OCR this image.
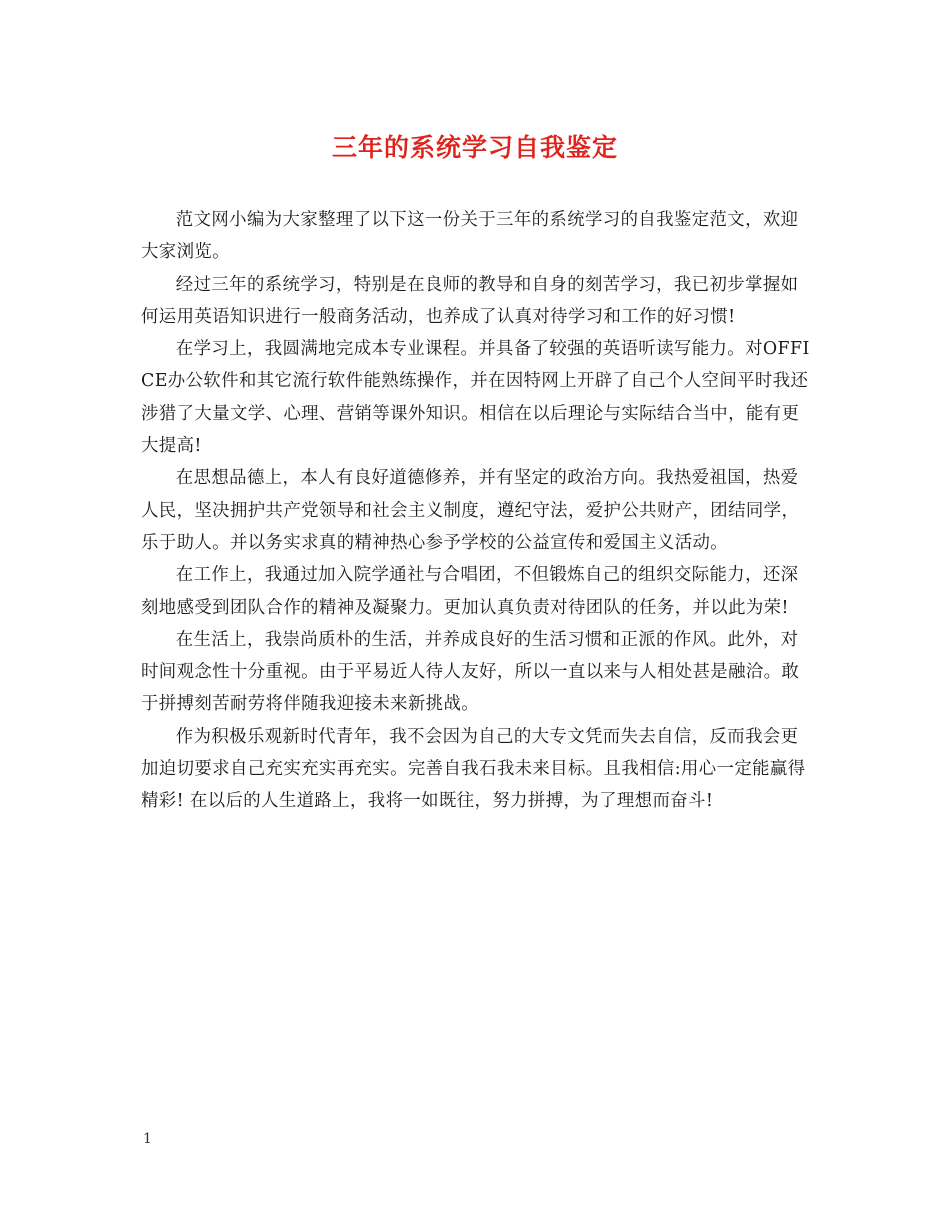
三年的系统学习自我鉴定

范文网小编为大家整理了以下这一份关于三年的系统学习的自我鉴定范文，欢迎大家浏览。

经过三年的系统学习，特别是在良师的教导和自身的刻苦学习，我已初步掌握如何运用英语知识进行一般商务活动，也养成了认真对待学习和工作的好习惯!

在学习上，我圆满地完成本专业课程。并具备了较强的英语听读写能力。对OFFICE办公软件和其它流行软件能熟练操作，并在因特网上开辟了自己个人空间平时我还涉猎了大量文学、心理、营销等课外知识。相信在以后理论与实际结合当中，能有更大提高!

在思想品德上，本人有良好道德修养，并有坚定的政治方向。我热爱祖国，热爱人民，坚决拥护共产党领导和社会主义制度，遵纪守法，爱护公共财产，团结同学，乐于助人。并以务实求真的精神热心参予学校的公益宣传和爱国主义活动。

在工作上，我通过加入院学通社与合唱团，不但锻炼自己的组织交际能力，还深刻地感受到团队合作的精神及凝聚力。更加认真负责对待团队的任务，并以此为荣!

在生活上，我崇尚质朴的生活，并养成良好的生活习惯和正派的作风。此外，对时间观念性十分重视。由于平易近人待人友好，所以一直以来与人相处甚是融洽。敢于拼搏刻苦耐劳将伴随我迎接未来新挑战。

作为积极乐观新时代青年，我不会因为自己的大专文凭而失去自信，反而我会更加迫切要求自己充实充实再充实。完善自我石我未来目标。且我相信:用心一定能赢得精彩! 在以后的人生道路上，我将一如既往，努力拼搏，为了理想而奋斗!

1
